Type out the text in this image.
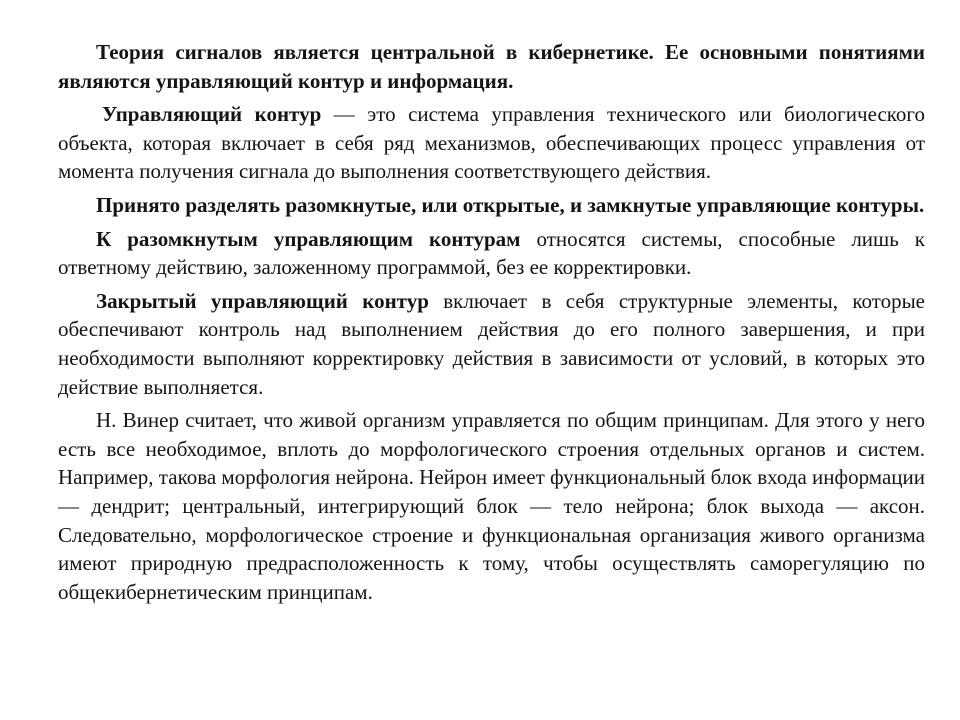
Теория сигналов является центральной в кибернетике. Ее основными понятиями являются управляющий контур и информация.

Управляющий контур — это система управления технического или биологического объекта, которая включает в себя ряд механизмов, обеспечивающих процесс управления от момента получения сигнала до выполнения соответствующего действия.

Принято разделять разомкнутые, или открытые, и замкнутые управляющие контуры.

К разомкнутым управляющим контурам относятся системы, способные лишь к ответному действию, заложенному программой, без ее корректировки.

Закрытый управляющий контур включает в себя структурные элементы, которые обеспечивают контроль над выполнением действия до его полного завершения, и при необходимости выполняют корректировку действия в зависимости от условий, в которых это действие выполняется.

Н. Винер считает, что живой организм управляется по общим принципам. Для этого у него есть все необходимое, вплоть до морфологического строения отдельных органов и систем. Например, такова морфология нейрона. Нейрон имеет функциональный блок входа информации — дендрит; центральный, интегрирующий блок — тело нейрона; блок выхода — аксон. Следовательно, морфологическое строение и функциональная организация живого организма имеют природную предрасположенность к тому, чтобы осуществлять саморегуляцию по общекибернетическим принципам.
